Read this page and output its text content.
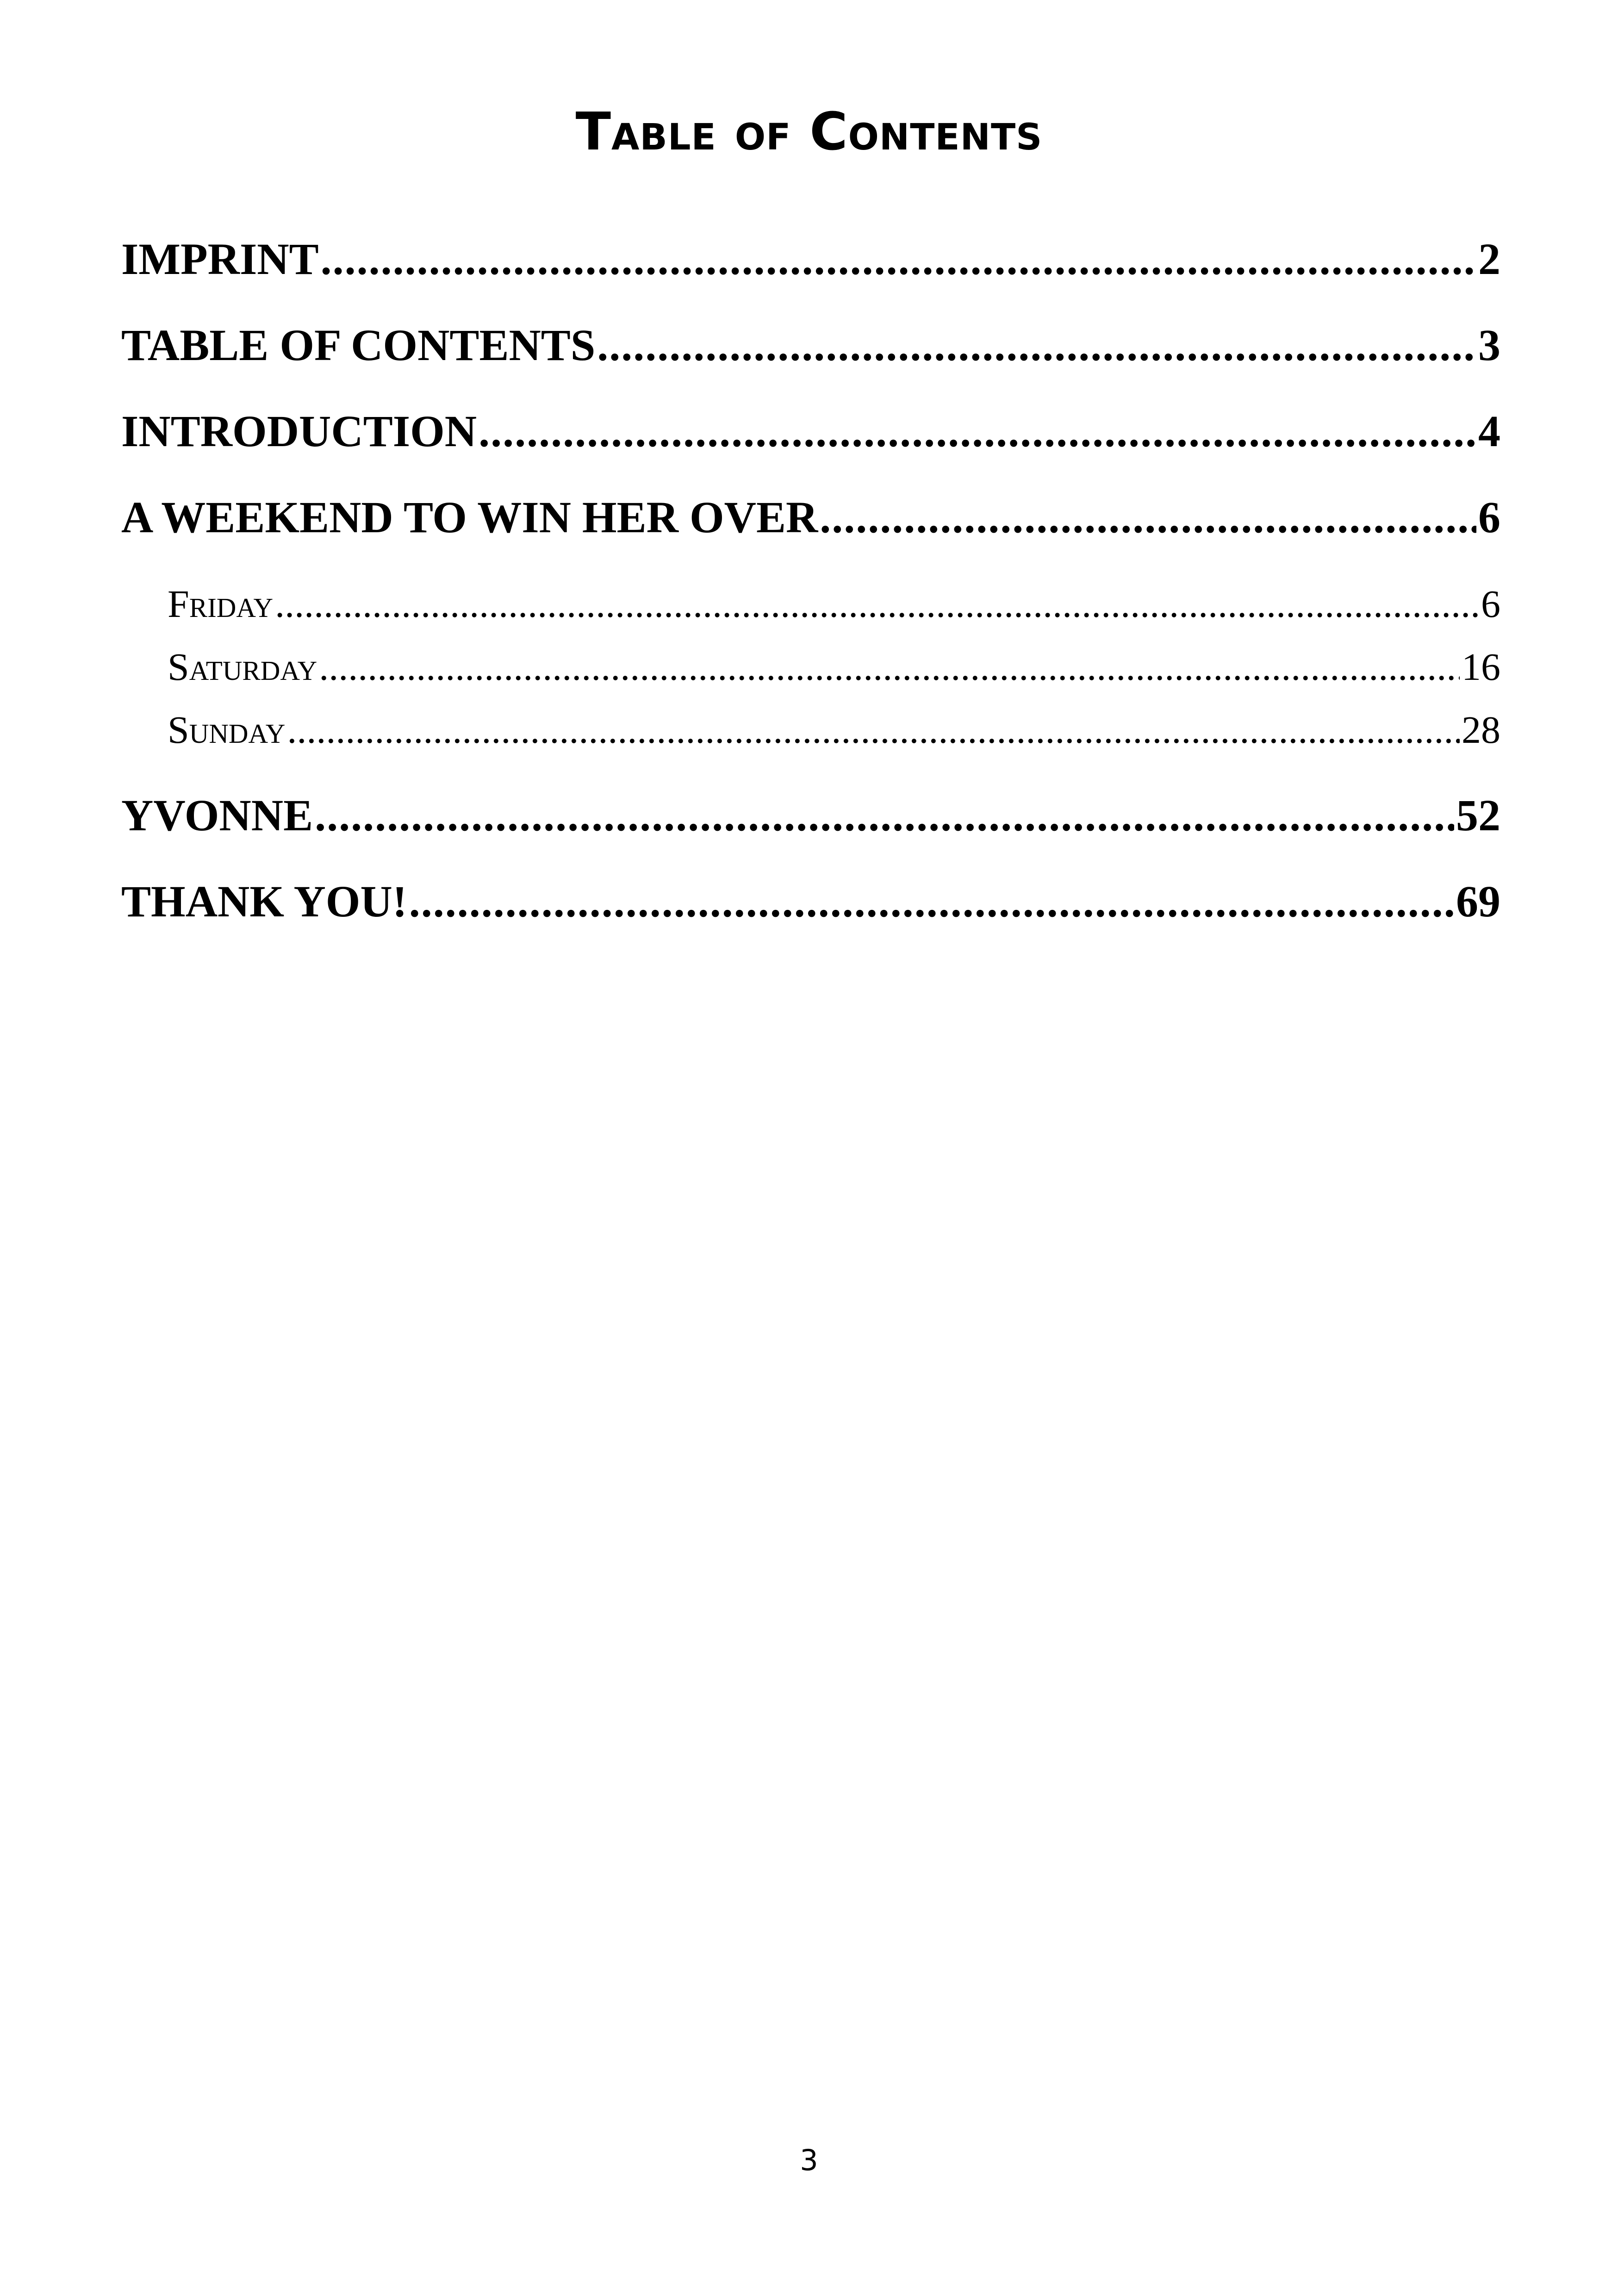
Table of Contents
IMPRINT .....	2
TABLE OF CONTENTS .....	3
INTRODUCTION .....	4
A WEEKEND TO WIN HER OVER .....	6
Friday .....	6
Saturday .....	16
Sunday .....	28
YVONNE .....	52
THANK YOU! .....	69
3
